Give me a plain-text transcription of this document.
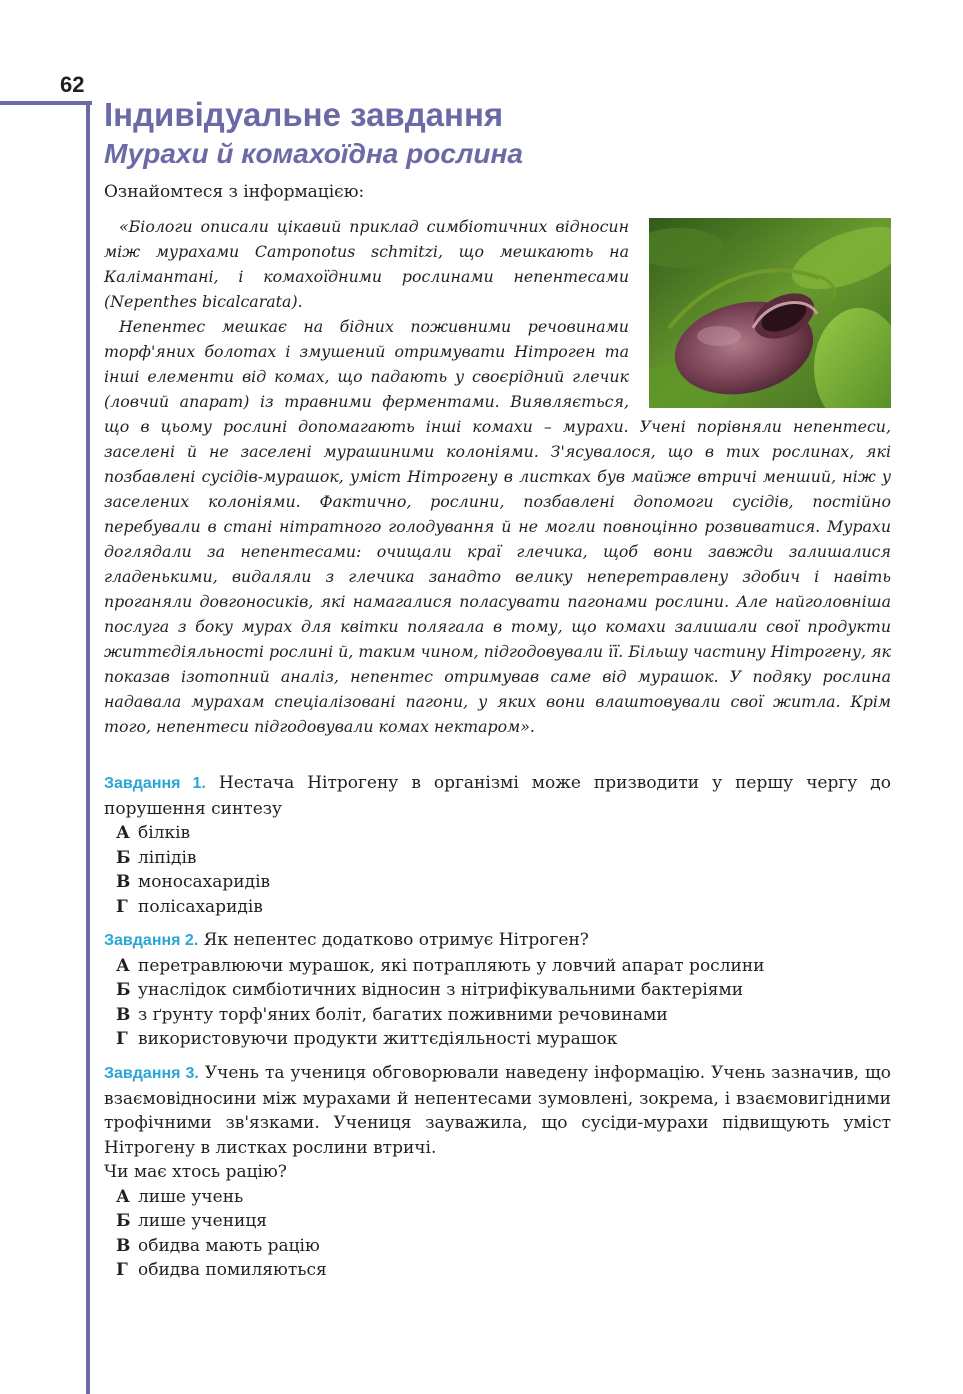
62
Індивідуальне завдання
Мурахи й комахоїдна рослина

Ознайомтеся з інформацією:

«Біологи описали цікавий приклад симбіотичних відносин між мурахами Camponotus schmitzi, що мешкають на Калімантані, і комахоїдними рослинами непентесами (Nepenthes bicalcarata).

Непентес мешкає на бідних поживними речовинами торф'яних болотах і змушений отримувати Нітроген та інші елементи від комах, що падають у своєрідний глечик (ловчий апарат) із травними ферментами. Виявляється, що в цьому рослині допомагають інші комахи – мурахи. Учені порівняли непентеси, заселені й не заселені мурашиними колоніями. З'ясувалося, що в тих рослинах, які позбавлені сусідів-мурашок, уміст Нітрогену в листках був майже втричі менший, ніж у заселених колоніями. Фактично, рослини, позбавлені допомоги сусідів, постійно перебували в стані нітратного голодування й не могли повноцінно розвиватися. Мурахи доглядали за непентесами: очищали краї глечика, щоб вони завжди залишалися гладенькими, видаляли з глечика занадто велику неперетравлену здобич і навіть проганяли довгоносиків, які намагалися поласувати пагонами рослини. Але найголовніша послуга з боку мурах для квітки полягала в тому, що комахи залишали свої продукти життєдіяльності рослині й, таким чином, підгодовували її. Більшу частину Нітрогену, як показав ізотопний аналіз, непентес отримував саме від мурашок. У подяку рослина надавала мурахам спеціалізовані пагони, у яких вони влаштовували свої житла. Крім того, непентеси підгодовували комах нектаром».

Завдання 1. Нестача Нітрогену в організмі може призводити у першу чергу до порушення синтезу

А білків
Б ліпідів
В моносахаридів
Г полісахаридів

Завдання 2. Як непентес додатково отримує Нітроген?

А перетравлюючи мурашок, які потрапляють у ловчий апарат рослини
Б унаслідок симбіотичних відносин з нітрифікувальними бактеріями
В з ґрунту торф'яних боліт, багатих поживними речовинами
Г використовуючи продукти життєдіяльності мурашок

Завдання 3. Учень та учениця обговорювали наведену інформацію. Учень зазначив, що взаємовідносини між мурахами й непентесами зумовлені, зокрема, і взаємовигідними трофічними зв'язками. Учениця зауважила, що сусіди-мурахи підвищують уміст Нітрогену в листках рослини втричі.

Чи має хтось рацію?

А лише учень
Б лише учениця
В обидва мають рацію
Г обидва помиляються
